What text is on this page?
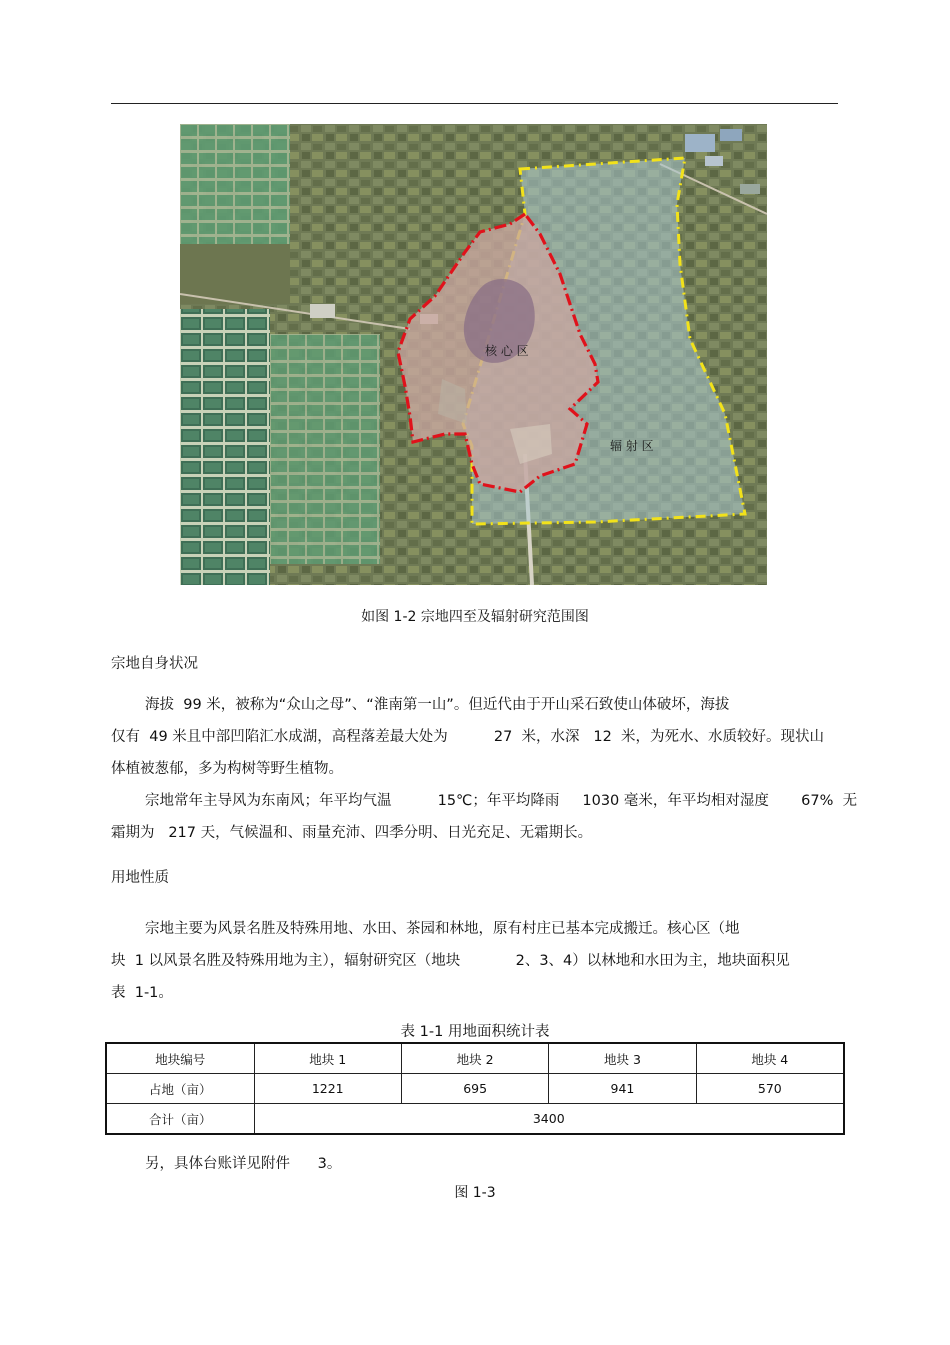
核 心 区
辐 射 区
如图 1-2 宗地四至及辐射研究范围图
宗地自身状况
海拔  99 米，被称为“众山之母”、“淮南第一山”。但近代由于开山采石致使山体破坏，海拔
仅有  49 米且中部凹陷汇水成湖，高程落差最大处为          27  米，水深   12  米，为死水、水质较好。现状山
体植被葱郁，多为构树等野生植物。
宗地常年主导风为东南风；年平均气温          15℃；年平均降雨     1030 毫米，年平均相对湿度       67%  无
霜期为   217 天，气候温和、雨量充沛、四季分明、日光充足、无霜期长。
用地性质
宗地主要为风景名胜及特殊用地、水田、茶园和林地，原有村庄已基本完成搬迁。核心区（地
块  1 以风景名胜及特殊用地为主），辐射研究区（地块            2、3、4）以林地和水田为主，地块面积见
表  1-1。
表 1-1 用地面积统计表
地块编号	地块 1	地块 2	地块 3	地块 4
占地（亩）	1221	695	941	570
合计（亩）	3400			
另，具体台账详见附件      3。
图 1-3
